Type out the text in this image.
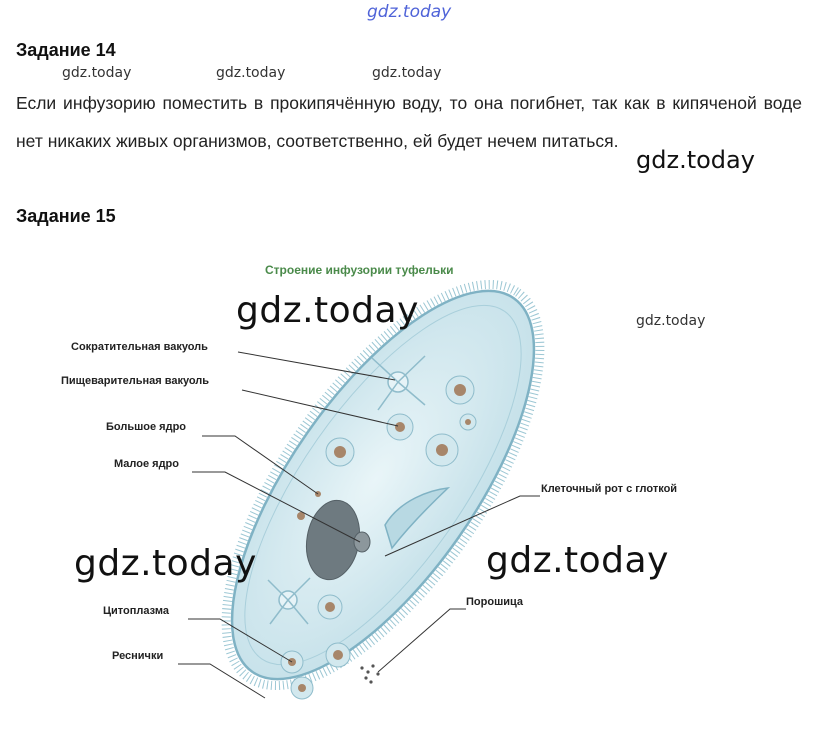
gdz.today
gdz.today	gdz.today	gdz.today
Задание 14
Если инфузорию поместить в прокипячённую воду, то она погибнет, так как в кипяченой воде нет никаких живых организмов, соответственно, ей будет нечем питаться.
gdz.today
Задание 15
Строение инфузории туфельки
Сократительная вакуоль
Пищеварительная вакуоль
Большое ядро
Малое ядро
Клеточный рот с глоткой
Цитоплазма
Порошица
Реснички
gdz.today	gdz.today
gdz.today	gdz.today
